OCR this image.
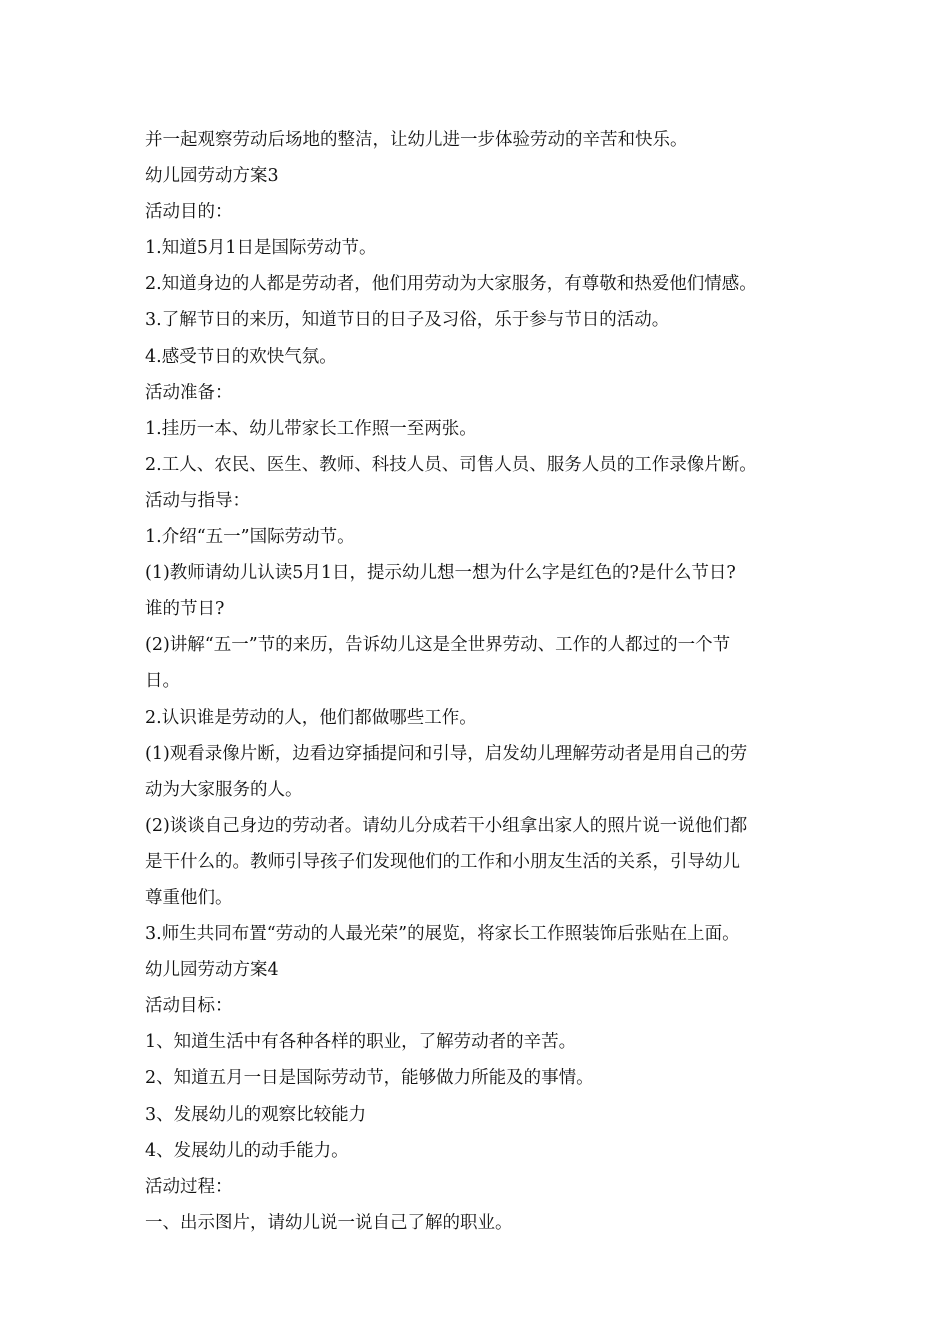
并一起观察劳动后场地的整洁，让幼儿进一步体验劳动的辛苦和快乐。
幼儿园劳动方案3
活动目的：
1.知道5月1日是国际劳动节。
2.知道身边的人都是劳动者，他们用劳动为大家服务，有尊敬和热爱他们情感。
3.了解节日的来历，知道节日的日子及习俗，乐于参与节日的活动。
4.感受节日的欢快气氛。
活动准备：
1.挂历一本、幼儿带家长工作照一至两张。
2.工人、农民、医生、教师、科技人员、司售人员、服务人员的工作录像片断。
活动与指导：
1.介绍“五一”国际劳动节。
(1)教师请幼儿认读5月1日，提示幼儿想一想为什么字是红色的?是什么节日?
谁的节日?
(2)讲解“五一”节的来历，告诉幼儿这是全世界劳动、工作的人都过的一个节
日。
2.认识谁是劳动的人，他们都做哪些工作。
(1)观看录像片断，边看边穿插提问和引导，启发幼儿理解劳动者是用自己的劳
动为大家服务的人。
(2)谈谈自己身边的劳动者。请幼儿分成若干小组拿出家人的照片说一说他们都
是干什么的。教师引导孩子们发现他们的工作和小朋友生活的关系，引导幼儿
尊重他们。
3.师生共同布置“劳动的人最光荣”的展览，将家长工作照装饰后张贴在上面。
幼儿园劳动方案4
活动目标：
1、知道生活中有各种各样的职业，了解劳动者的辛苦。
2、知道五月一日是国际劳动节，能够做力所能及的事情。
3、发展幼儿的观察比较能力
4、发展幼儿的动手能力。
活动过程：
一、出示图片，请幼儿说一说自己了解的职业。
